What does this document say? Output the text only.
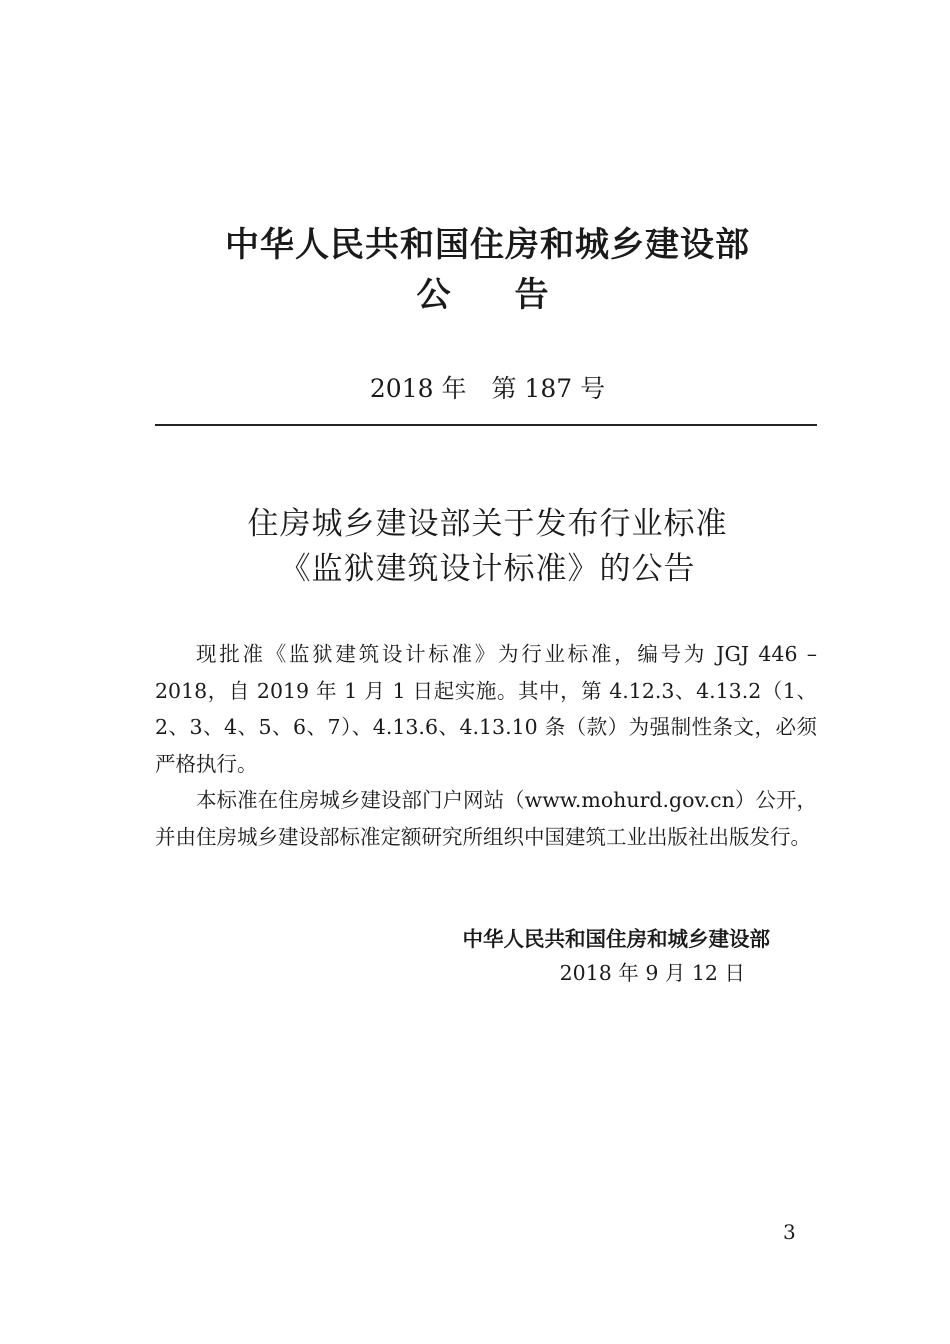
中华人民共和国住房和城乡建设部
公告
2018 年　第 187 号
住房城乡建设部关于发布行业标准
《监狱建筑设计标准》的公告

现批准《监狱建筑设计标准》为行业标准，编号为 JGJ 446 – 2018，自 2019 年 1 月 1 日起实施。其中，第 4.12.3、4.13.2（1、2、3、4、5、6、7）、4.13.6、4.13.10 条（款）为强制性条文，必须严格执行。

本标准在住房城乡建设部门户网站（www.mohurd.gov.cn）公开，并由住房城乡建设部标准定额研究所组织中国建筑工业出版社出版发行。

中华人民共和国住房和城乡建设部
2018 年 9 月 12 日
3
